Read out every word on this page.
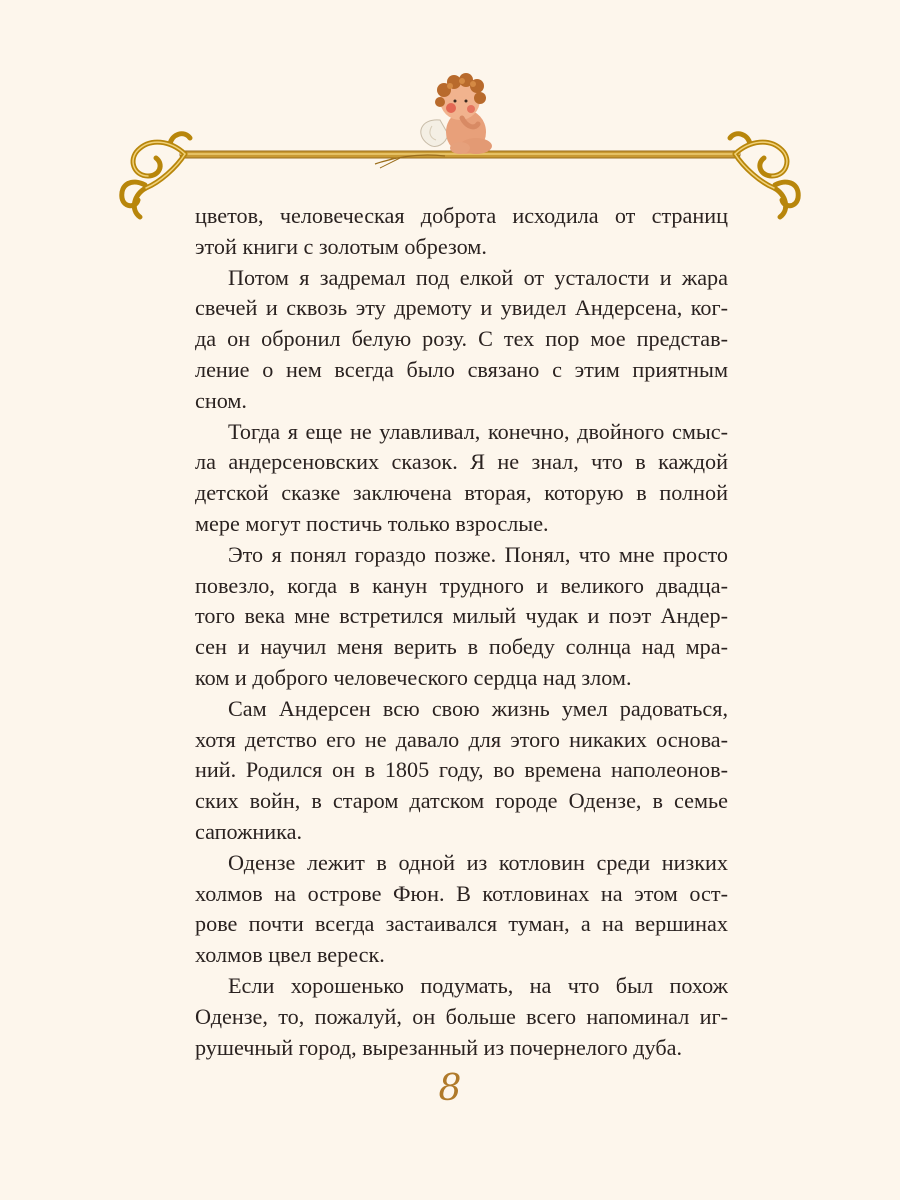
цветов, человеческая доброта исходила от страниц
этой книги с золотым обрезом.

Потом я задремал под елкой от усталости и жара
свечей и сквозь эту дремоту и увидел Андерсена, ког-
да он обронил белую розу. С тех пор мое представ-
ление о нем всегда было связано с этим приятным
сном.

Тогда я еще не улавливал, конечно, двойного смыс-
ла андерсеновских сказок. Я не знал, что в каждой
детской сказке заключена вторая, которую в полной
мере могут постичь только взрослые.

Это я понял гораздо позже. Понял, что мне просто
повезло, когда в канун трудного и великого двадца-
того века мне встретился милый чудак и поэт Андер-
сен и научил меня верить в победу солнца над мра-
ком и доброго человеческого сердца над злом.

Сам Андерсен всю свою жизнь умел радоваться,
хотя детство его не давало для этого никаких основа-
ний. Родился он в 1805 году, во времена наполеонов-
ских войн, в старом датском городе Одензе, в семье
сапожника.

Одензе лежит в одной из котловин среди низких
холмов на острове Фюн. В котловинах на этом ост-
рове почти всегда застаивался туман, а на вершинах
холмов цвел вереск.

Если хорошенько подумать, на что был похож
Одензе, то, пожалуй, он больше всего напоминал иг-
рушечный город, вырезанный из почернелого дуба.

8
